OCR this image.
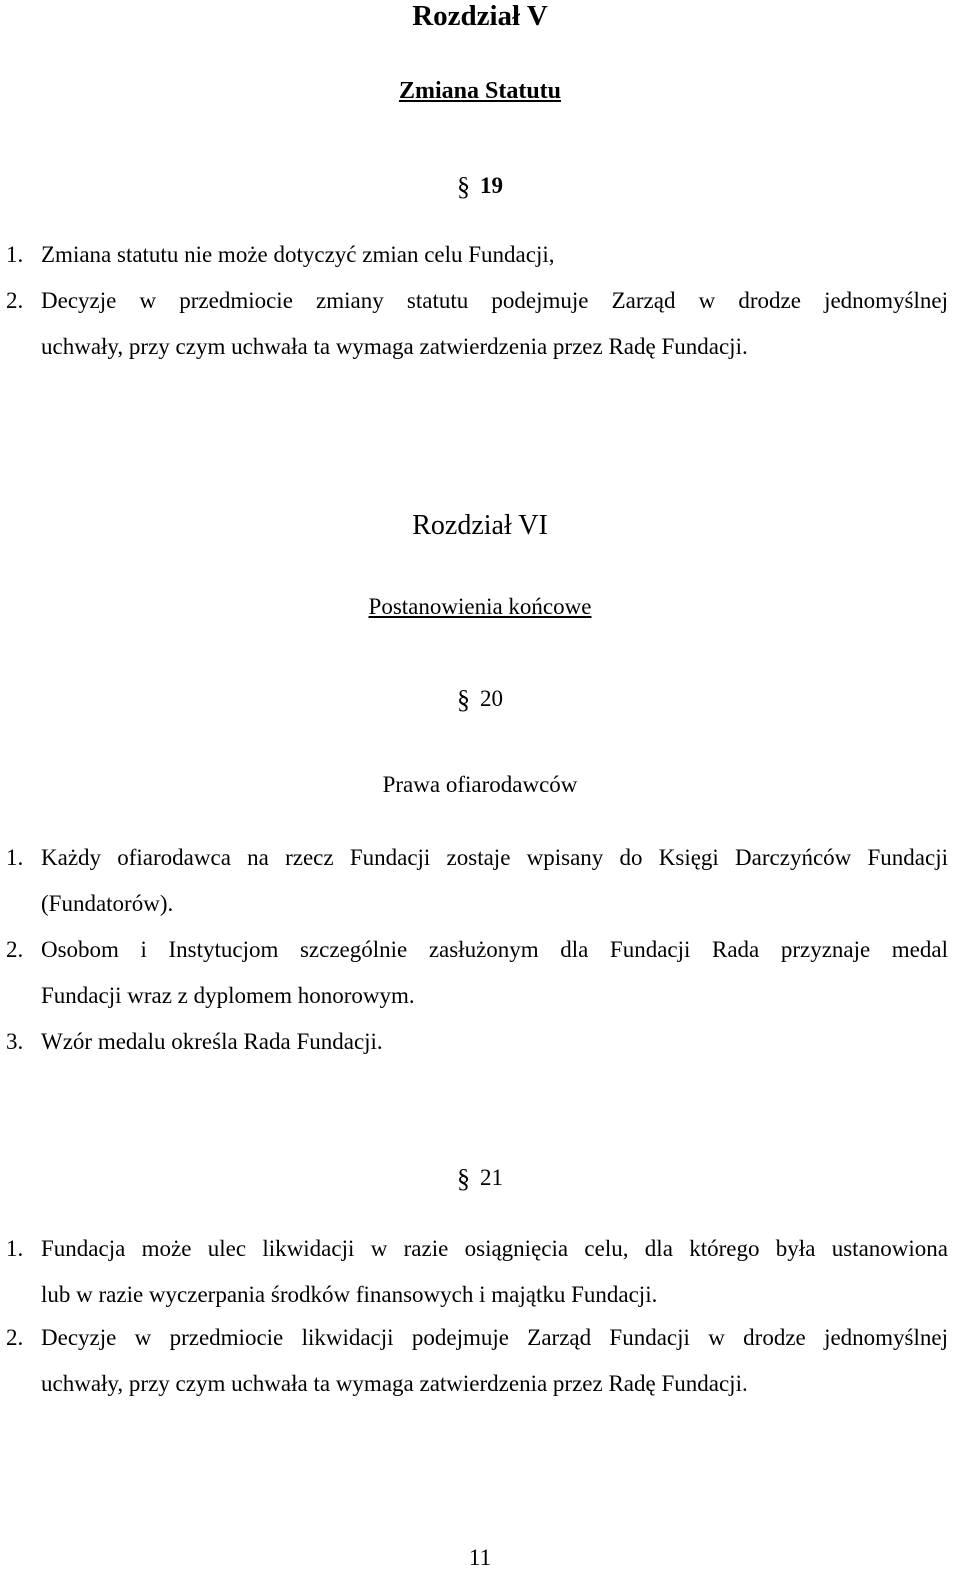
Rozdział V
Zmiana Statutu
§ 19
1. Zmiana statutu nie może dotyczyć zmian celu Fundacji,
2. Decyzje w przedmiocie zmiany statutu podejmuje Zarząd w drodze jednomyślnej
uchwały, przy czym uchwała ta wymaga zatwierdzenia przez Radę Fundacji.
Rozdział VI
Postanowienia końcowe
§ 20
Prawa ofiarodawców
1. Każdy ofiarodawca na rzecz Fundacji zostaje wpisany do Księgi Darczyńców Fundacji
(Fundatorów).
2. Osobom i Instytucjom szczególnie zasłużonym dla Fundacji Rada przyznaje medal
Fundacji wraz z dyplomem honorowym.
3. Wzór medalu określa Rada Fundacji.
§ 21
1. Fundacja może ulec likwidacji w razie osiągnięcia celu, dla którego była ustanowiona
lub w razie wyczerpania środków finansowych i majątku Fundacji.
2. Decyzje w przedmiocie likwidacji podejmuje Zarząd Fundacji w drodze jednomyślnej
uchwały, przy czym uchwała ta wymaga zatwierdzenia przez Radę Fundacji.
11
